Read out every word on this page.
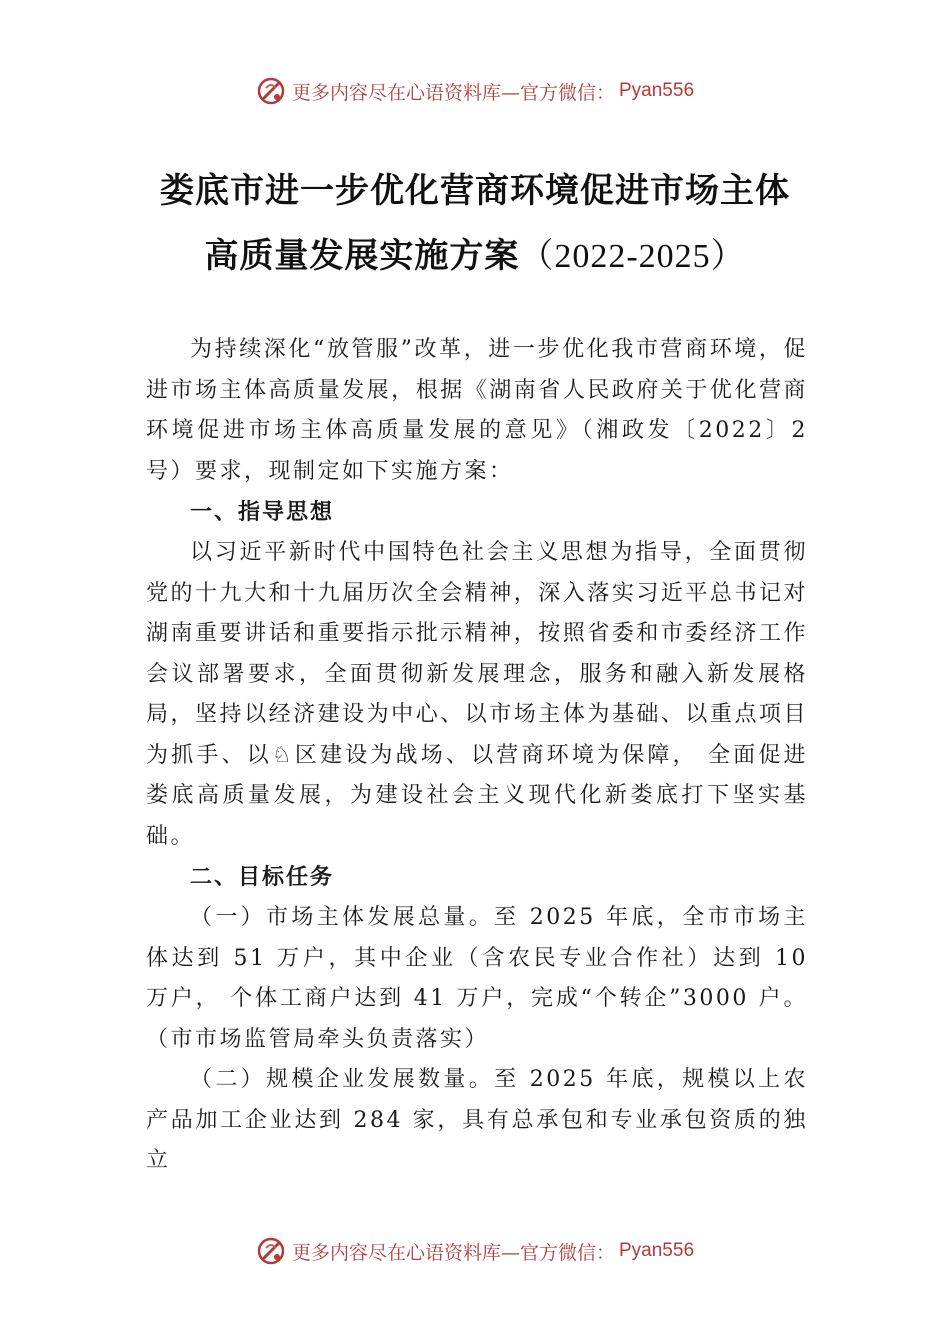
更多内容尽在心语资料库—官方微信： Pyan556
娄底市进一步优化营商环境促进市场主体
高质量发展实施方案（2022-2025）

为持续深化“放管服”改革，进一步优化我市营商环境，促进市场主体高质量发展，根据《湖南省人民政府关于优化营商环境促进市场主体高质量发展的意见》（湘政发〔2022〕2号）要求，现制定如下实施方案：

一、指导思想

以习近平新时代中国特色社会主义思想为指导，全面贯彻党的十九大和十九届历次全会精神，深入落实习近平总书记对湖南重要讲话和重要指示批示精神，按照省委和市委经济工作会议部署要求，全面贯彻新发展理念，服务和融入新发展格局，坚持以经济建设为中心、以市场主体为基础、以重点项目为抓手、以♘区建设为战场、以营商环境为保障， 全面促进娄底高质量发展，为建设社会主义现代化新娄底打下坚实基础。

二、目标任务

（一）市场主体发展总量。至 2025 年底，全市市场主体达到 51 万户，其中企业（含农民专业合作社）达到 10 万户， 个体工商户达到 41 万户，完成“个转企”3000 户。（市市场监管局牵头负责落实）

（二）规模企业发展数量。至 2025 年底，规模以上农产品加工企业达到 284 家，具有总承包和专业承包资质的独立

更多内容尽在心语资料库—官方微信： Pyan556
